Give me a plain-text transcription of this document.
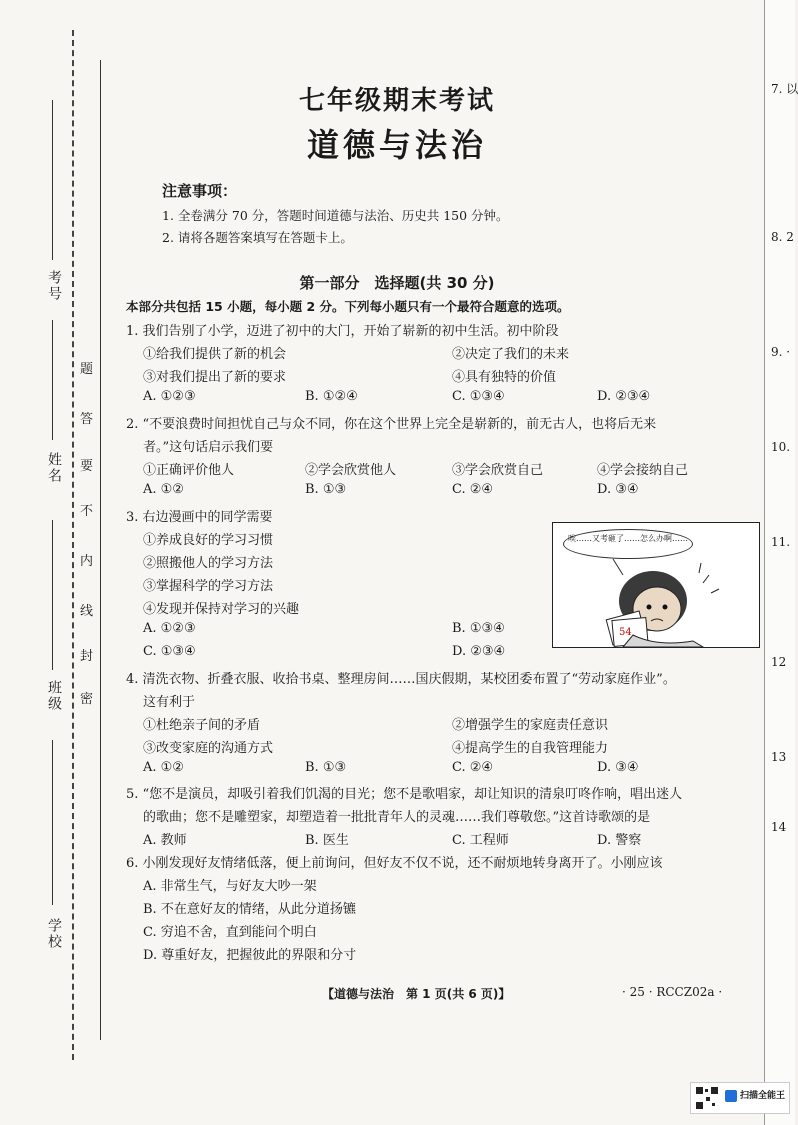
考号
姓名
班级
学校
题
答
要
不
内
线
封
密
七年级期末考试
道德与法治
注意事项：
1. 全卷满分 70 分，答题时间道德与法治、历史共 150 分钟。
2. 请将各题答案填写在答题卡上。
第一部分　选择题(共 30 分)
本部分共包括 15 小题，每小题 2 分。下列每小题只有一个最符合题意的选项。
1. 我们告别了小学，迈进了初中的大门，开始了崭新的初中生活。初中阶段
①给我们提供了新的机会	②决定了我们的未来
③对我们提出了新的要求	④具有独特的价值
A. ①②③	B. ①②④	C. ①③④	D. ②③④
2. “不要浪费时间担忧自己与众不同，你在这个世界上完全是崭新的，前无古人，也将后无来
者。”这句话启示我们要
①正确评价他人	②学会欣赏他人	③学会欣赏自己	④学会接纳自己
A. ①②	B. ①③	C. ②④	D. ③④
3. 右边漫画中的同学需要
①养成良好的学习习惯
②照搬他人的学习方法
③掌握科学的学习方法
④发现并保持对学习的兴趣
A. ①②③	B. ①③④
C. ①③④	D. ②③④
唉……又考砸了……怎么办啊……
54
4. 清洗衣物、折叠衣服、收拾书桌、整理房间……国庆假期，某校团委布置了“劳动家庭作业”。
这有利于
①杜绝亲子间的矛盾	②增强学生的家庭责任意识
③改变家庭的沟通方式	④提高学生的自我管理能力
A. ①②	B. ①③	C. ②④	D. ③④
5. “您不是演员，却吸引着我们饥渴的目光；您不是歌唱家，却让知识的清泉叮咚作响，唱出迷人
的歌曲；您不是雕塑家，却塑造着一批批青年人的灵魂……我们尊敬您。”这首诗歌颂的是
A. 教师	B. 医生	C. 工程师	D. 警察
6. 小刚发现好友情绪低落，便上前询问，但好友不仅不说，还不耐烦地转身离开了。小刚应该
A. 非常生气，与好友大吵一架
B. 不在意好友的情绪，从此分道扬镳
C. 穷追不舍，直到能问个明白
D. 尊重好友，把握彼此的界限和分寸
【道德与法治　第 1 页(共 6 页)】	· 25 · RCCZ02a ·
7. 以
8. 2
9. ·
10.
11.
12
13
14
扫描全能王
